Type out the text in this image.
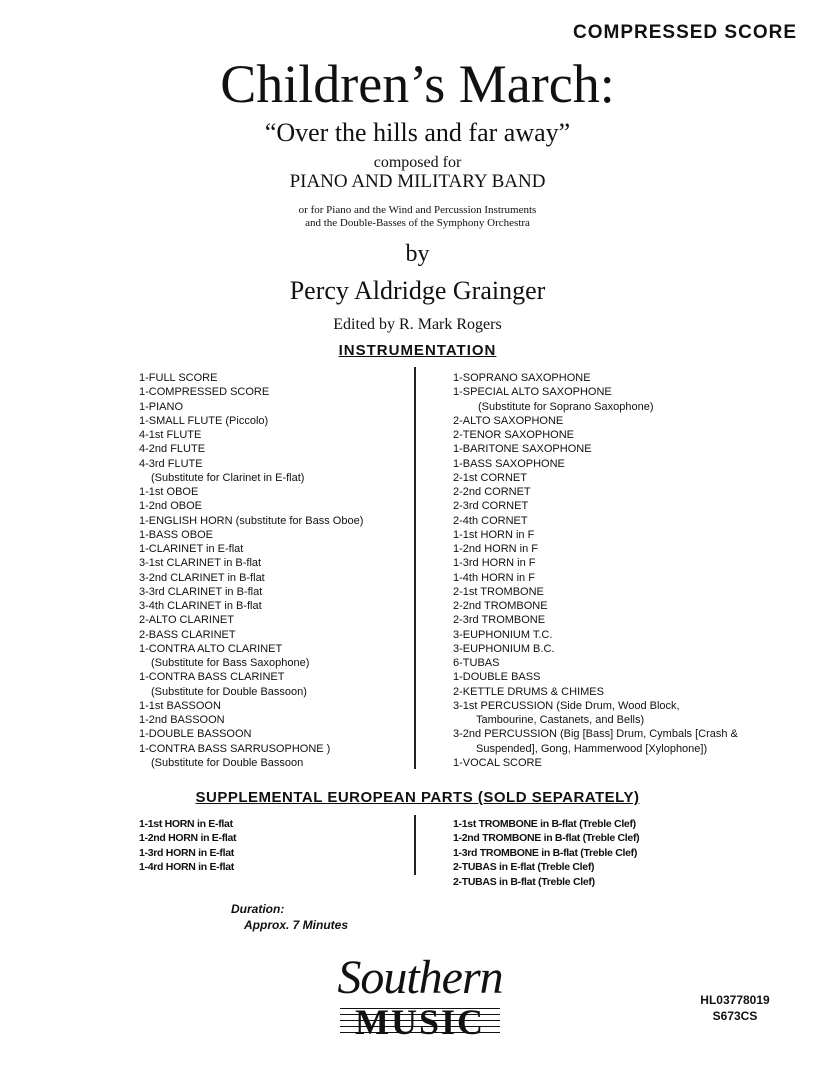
COMPRESSED SCORE
Children’s March:
“Over the hills and far away”
composed for
PIANO AND MILITARY BAND
or for Piano and the Wind and Percussion Instruments
and the Double-Basses of the Symphony Orchestra
by
Percy Aldridge Grainger
Edited by R. Mark Rogers
INSTRUMENTATION
1-FULL SCORE
1-COMPRESSED SCORE
1-PIANO
1-SMALL FLUTE (Piccolo)
4-1st FLUTE
4-2nd FLUTE
4-3rd FLUTE
(Substitute for Clarinet in E-flat)
1-1st OBOE
1-2nd OBOE
1-ENGLISH HORN (substitute for Bass Oboe)
1-BASS OBOE
1-CLARINET in E-flat
3-1st CLARINET in B-flat
3-2nd CLARINET in B-flat
3-3rd CLARINET in B-flat
3-4th CLARINET in B-flat
2-ALTO CLARINET
2-BASS CLARINET
1-CONTRA ALTO CLARINET
(Substitute for Bass Saxophone)
1-CONTRA BASS CLARINET
(Substitute for Double Bassoon)
1-1st BASSOON
1-2nd BASSOON
1-DOUBLE BASSOON
1-CONTRA BASS SARRUSOPHONE )
(Substitute for Double Bassoon
1-SOPRANO SAXOPHONE
1-SPECIAL ALTO SAXOPHONE
(Substitute for Soprano Saxophone)
2-ALTO SAXOPHONE
2-TENOR SAXOPHONE
1-BARITONE SAXOPHONE
1-BASS SAXOPHONE
2-1st CORNET
2-2nd CORNET
2-3rd CORNET
2-4th CORNET
1-1st HORN in F
1-2nd HORN in F
1-3rd HORN in F
1-4th HORN in F
2-1st TROMBONE
2-2nd TROMBONE
2-3rd TROMBONE
3-EUPHONIUM T.C.
3-EUPHONIUM B.C.
6-TUBAS
1-DOUBLE BASS
2-KETTLE DRUMS & CHIMES
3-1st PERCUSSION (Side Drum, Wood Block,
Tambourine, Castanets, and Bells)
3-2nd PERCUSSION (Big [Bass] Drum, Cymbals [Crash &
Suspended], Gong, Hammerwood [Xylophone])
1-VOCAL SCORE
SUPPLEMENTAL EUROPEAN PARTS (SOLD SEPARATELY)
1-1st HORN in E-flat
1-2nd HORN in E-flat
1-3rd HORN in E-flat
1-4rd HORN in E-flat
1-1st TROMBONE in B-flat (Treble Clef)
1-2nd TROMBONE in B-flat (Treble Clef)
1-3rd TROMBONE in B-flat (Treble Clef)
2-TUBAS in E-flat (Treble Clef)
2-TUBAS in B-flat (Treble Clef)
Duration:
Approx. 7 Minutes
Southern
MUSIC
HL03778019
S673CS
